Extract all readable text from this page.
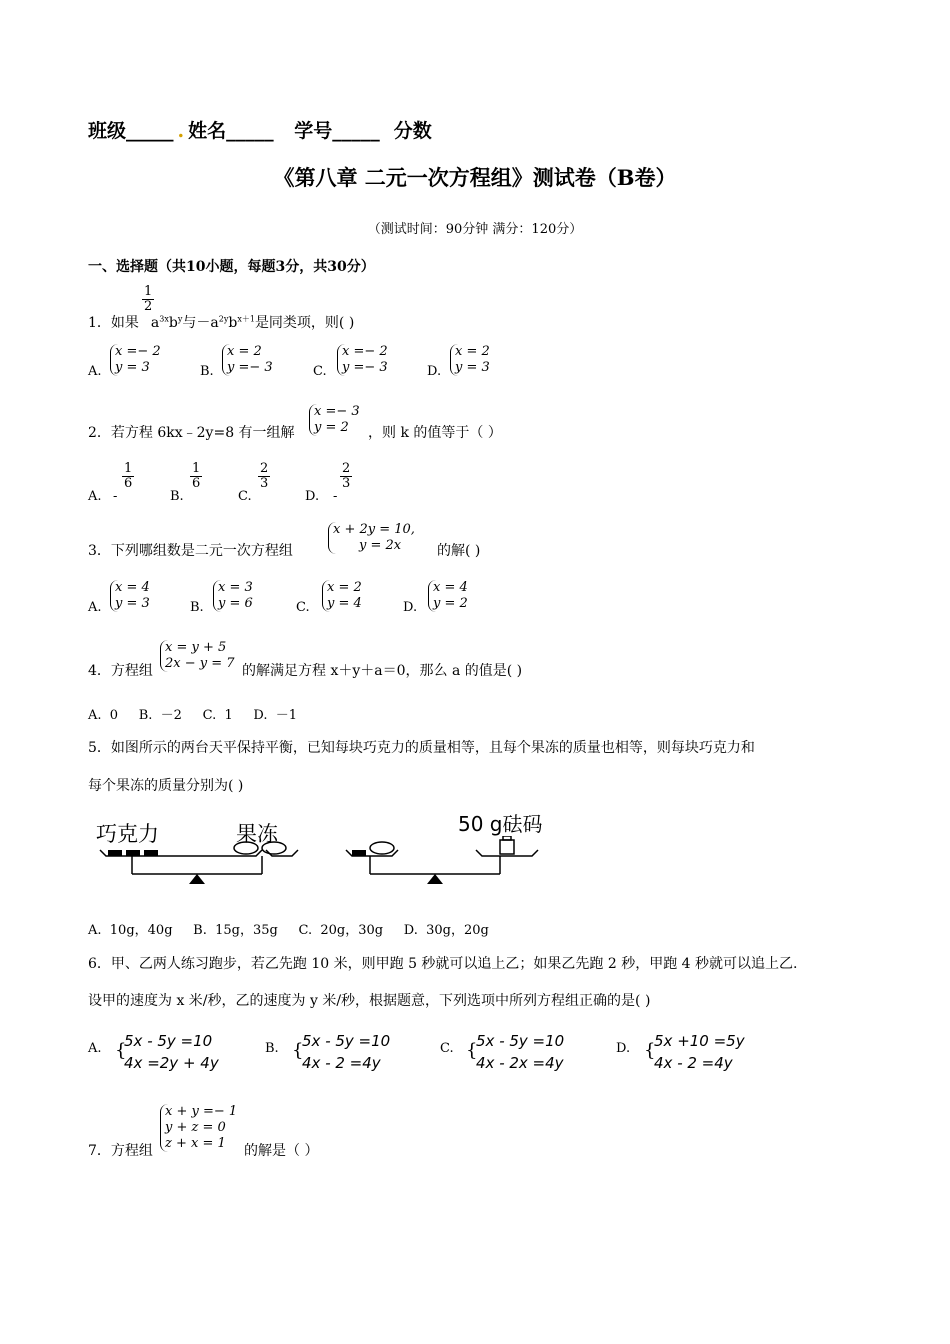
班级_____ . 姓名_____ 学号_____ 分数
《第八章 二元一次方程组》测试卷（B卷）
（测试时间：90分钟 满分：120分）
一、选择题（共10小题，每题3分，共30分）
$\frac{1}{2}$
1．如果 $a^{3x}b^y$与$-a^{2y}b^{x+1}$是同类项，则( )
A.
x =− 2
y = 3	B.
x = 2
y =− 3	C.
x =− 2
y =− 3	D.
x = 2
y = 3
2．若方程 6kx﹣2y=8 有一组解
x =− 3
y = 2	，则 k 的值等于（ ）
A. -
$\frac{1}{6}$
B.
$\frac{1}{6}$
C.
$\frac{2}{3}$
D. -
$\frac{2}{3}$
3．下列哪组数是二元一次方程组
x + 2y = 10,
y = 2x	的解( )
A.
x = 4
y = 3	B.
x = 3
y = 6	C.
x = 2
y = 4	D.
x = 4
y = 2
4．方程组
x = y + 5
2x − y = 7 的解满足方程 x＋y＋a＝0，那么 a 的值是( )
A.  0     B.  －2     C.  1     D.  －1
5．如图所示的两台天平保持平衡，已知每块巧克力的质量相等，且每个果冻的质量也相等，则每块巧克力和
每个果冻的质量分别为( )
巧克力	果冻	50 g砝码
A.  10g，40g     B.  15g，35g     C.  20g，30g     D.  30g，20g
6．甲、乙两人练习跑步，若乙先跑 10 米，则甲跑 5 秒就可以追上乙；如果乙先跑 2 秒，甲跑 4 秒就可以追上乙.
设甲的速度为 x 米/秒，乙的速度为 y 米/秒，根据题意，下列选项中所列方程组正确的是( )
A. {
5x - 5y =10
4x =2y + 4y
B. {
5x - 5y =10
4x - 2 =4y
C. {
5x - 5y =10
4x - 2x =4y
D. {
5x +10 =5y
4x - 2 =4y
7．方程组
x + y =− 1
y + z = 0
z + x = 1	的解是（ ）
